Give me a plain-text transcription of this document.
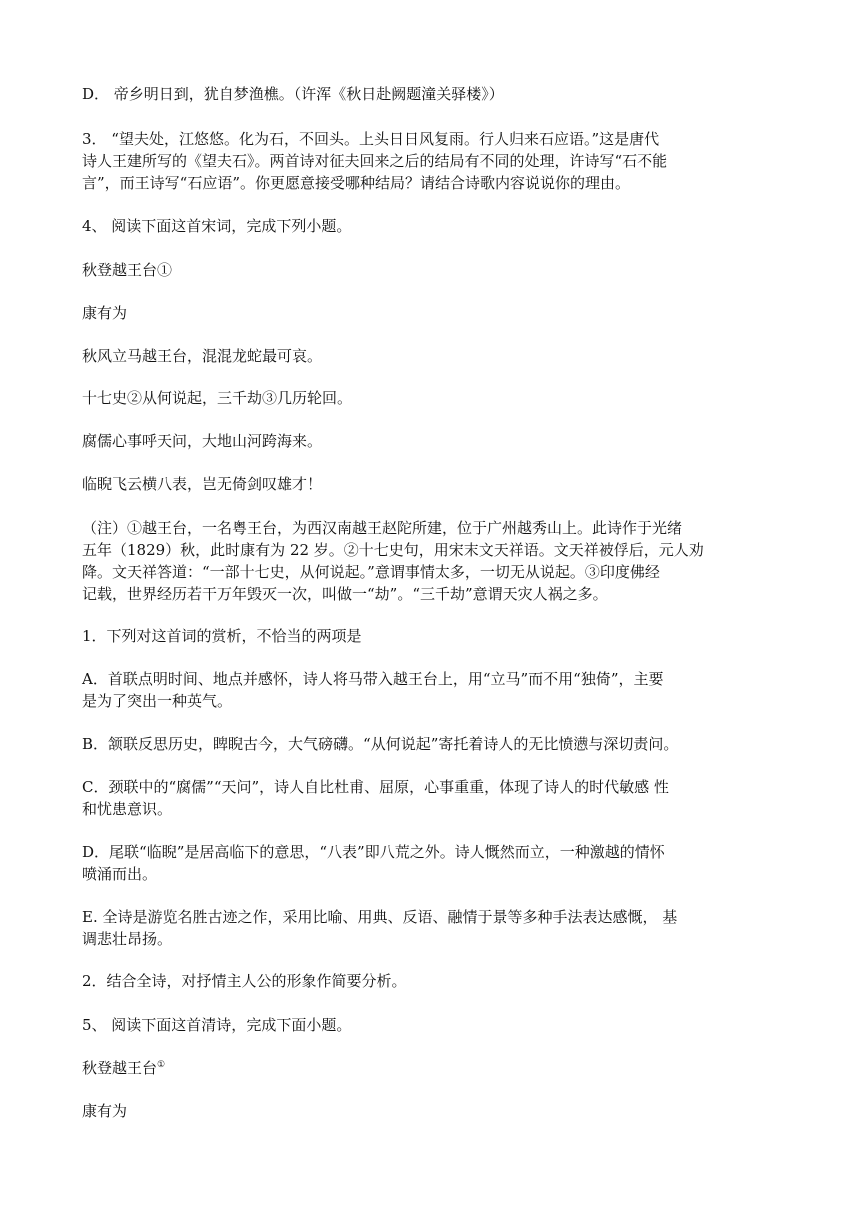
D． 帝乡明日到，犹自梦渔樵。（许浑《秋日赴阙题潼关驿楼》）

3． “望夫处，江悠悠。化为石，不回头。上头日日风复雨。行人归来石应语。”这是唐代
诗人王建所写的《望夫石》。两首诗对征夫回来之后的结局有不同的处理，许诗写“石不能
言”，而王诗写“石应语”。你更愿意接受哪种结局？请结合诗歌内容说说你的理由。

4、 阅读下面这首宋词，完成下列小题。

秋登越王台①

康有为

秋风立马越王台，混混龙蛇最可哀。

十七史②从何说起，三千劫③几历轮回。

腐儒心事呼天问，大地山河跨海来。

临睨飞云横八表，岂无倚剑叹雄才！

（注）①越王台，一名粤王台，为西汉南越王赵陀所建，位于广州越秀山上。此诗作于光绪
五年（1829）秋，此时康有为 22 岁。②十七史句，用宋末文天祥语。文天祥被俘后，元人劝
降。文天祥答道：“一部十七史，从何说起。”意谓事情太多，一切无从说起。③印度佛经
记载，世界经历若干万年毁灭一次，叫做一“劫”。“三千劫”意谓天灾人祸之多。

1．下列对这首词的赏析，不恰当的两项是

A．首联点明时间、地点并感怀，诗人将马带入越王台上，用“立马”而不用“独倚”，主要
是为了突出一种英气。

B．颔联反思历史，睥睨古今，大气磅礴。“从何说起”寄托着诗人的无比愤懑与深切责问。

C．颈联中的“腐儒”“天问”，诗人自比杜甫、屈原，心事重重，体现了诗人的时代敏感 性
和忧患意识。

D．尾联“临睨”是居高临下的意思，“八表”即八荒之外。诗人慨然而立，一种激越的情怀
喷涌而出。

E. 全诗是游览名胜古迹之作，采用比喻、用典、反语、融情于景等多种手法表达感慨， 基
调悲壮昂扬。

2．结合全诗，对抒情主人公的形象作简要分析。

5、 阅读下面这首清诗，完成下面小题。

秋登越王台①

康有为
